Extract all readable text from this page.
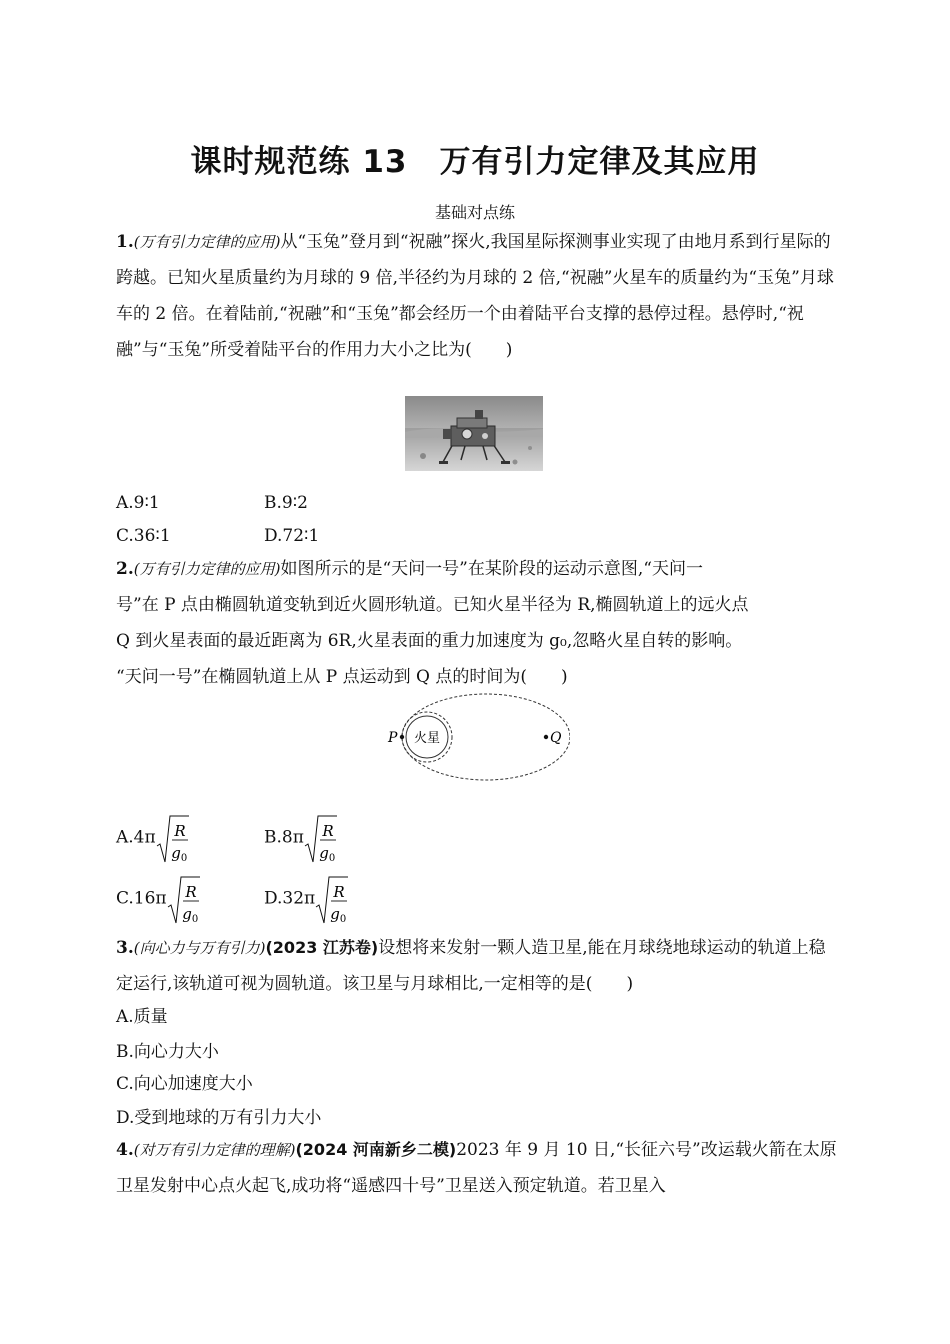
课时规范练 13　万有引力定律及其应用
基础对点练
1.(万有引力定律的应用)从“玉兔”登月到“祝融”探火,我国星际探测事业实现了由地月系到行星际的跨越。已知火星质量约为月球的 9 倍,半径约为月球的 2 倍,“祝融”火星车的质量约为“玉兔”月球车的 2 倍。在着陆前,“祝融”和“玉兔”都会经历一个由着陆平台支撑的悬停过程。悬停时,“祝融”与“玉兔”所受着陆平台的作用力大小之比为(　　)
A.9∶1	B.9∶2
C.36∶1	D.72∶1
2.(万有引力定律的应用)如图所示的是“天问一号”在某阶段的运动示意图,“天问一
号”在 P 点由椭圆轨道变轨到近火圆形轨道。已知火星半径为 R,椭圆轨道上的远火点
Q 到火星表面的最近距离为 6R,火星表面的重力加速度为 g₀,忽略火星自转的影响。
“天问一号”在椭圆轨道上从 P 点运动到 Q 点的时间为(　　)
火星
P	Q
A.4π R
g 0
B.8π R
g 0
C.16π R
g 0
D.32π R
g 0
3.(向心力与万有引力)(2023 江苏卷)设想将来发射一颗人造卫星,能在月球绕地球运动的轨道上稳定运行,该轨道可视为圆轨道。该卫星与月球相比,一定相等的是(　　)
A.质量
B.向心力大小
C.向心加速度大小
D.受到地球的万有引力大小
4.(对万有引力定律的理解)(2024 河南新乡二模)2023 年 9 月 10 日,“长征六号”改运载火箭在太原卫星发射中心点火起飞,成功将“遥感四十号”卫星送入预定轨道。若卫星入
